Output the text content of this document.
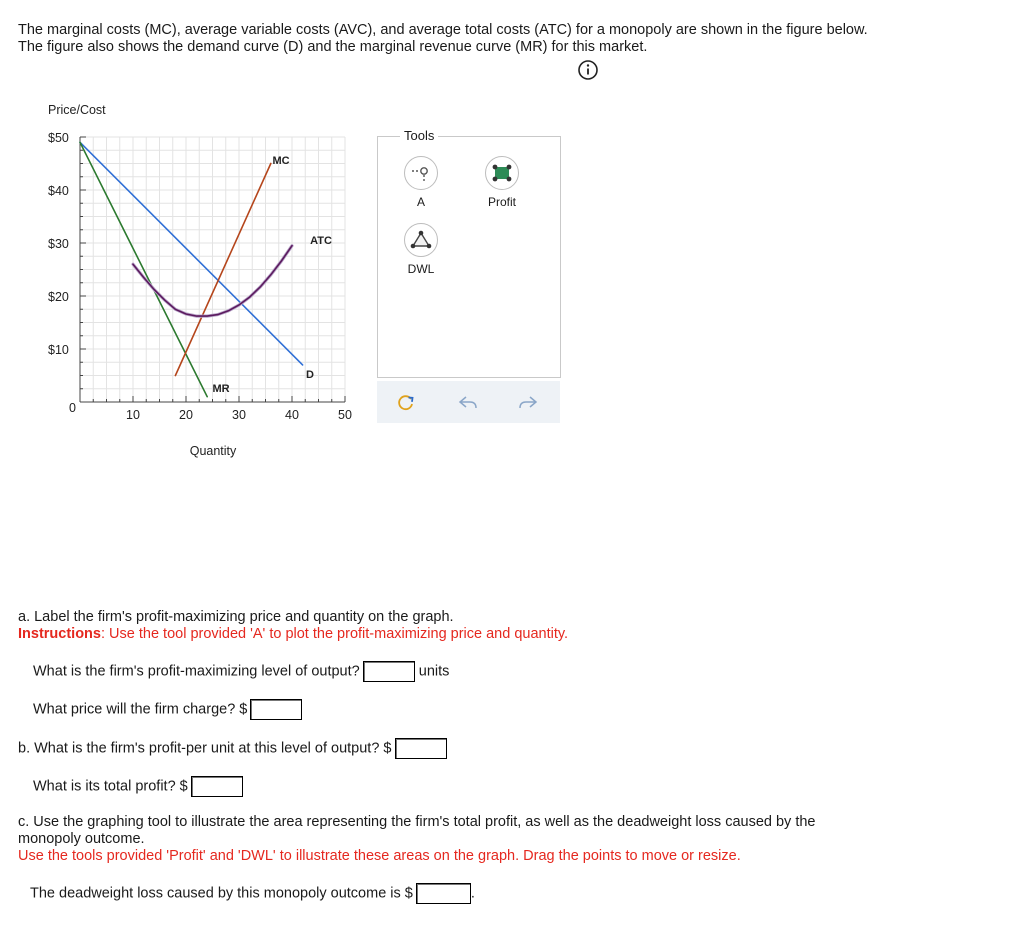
The marginal costs (MC), average variable costs (AVC), and average total costs (ATC) for a monopoly are shown in the figure below.
The figure also shows the demand curve (D) and the marginal revenue curve (MR) for this market.
$50
$40
$30
$20
$10
10	20	30	40	50
0
Price/Cost
Quantity
D
MR
MC
ATC
Tools
A	Profit
DWL
a. Label the firm's profit-maximizing price and quantity on the graph.
Instructions: Use the tool provided 'A' to plot the profit-maximizing price and quantity.
What is the firm's profit-maximizing level of output?	units
What price will the firm charge? $
b. What is the firm's profit-per unit at this level of output? $
What is its total profit? $
c. Use the graphing tool to illustrate the area representing the firm's total profit, as well as the deadweight loss caused by the
monopoly outcome.
Use the tools provided 'Profit' and 'DWL' to illustrate these areas on the graph. Drag the points to move or resize.
The deadweight loss caused by this monopoly outcome is $	.
